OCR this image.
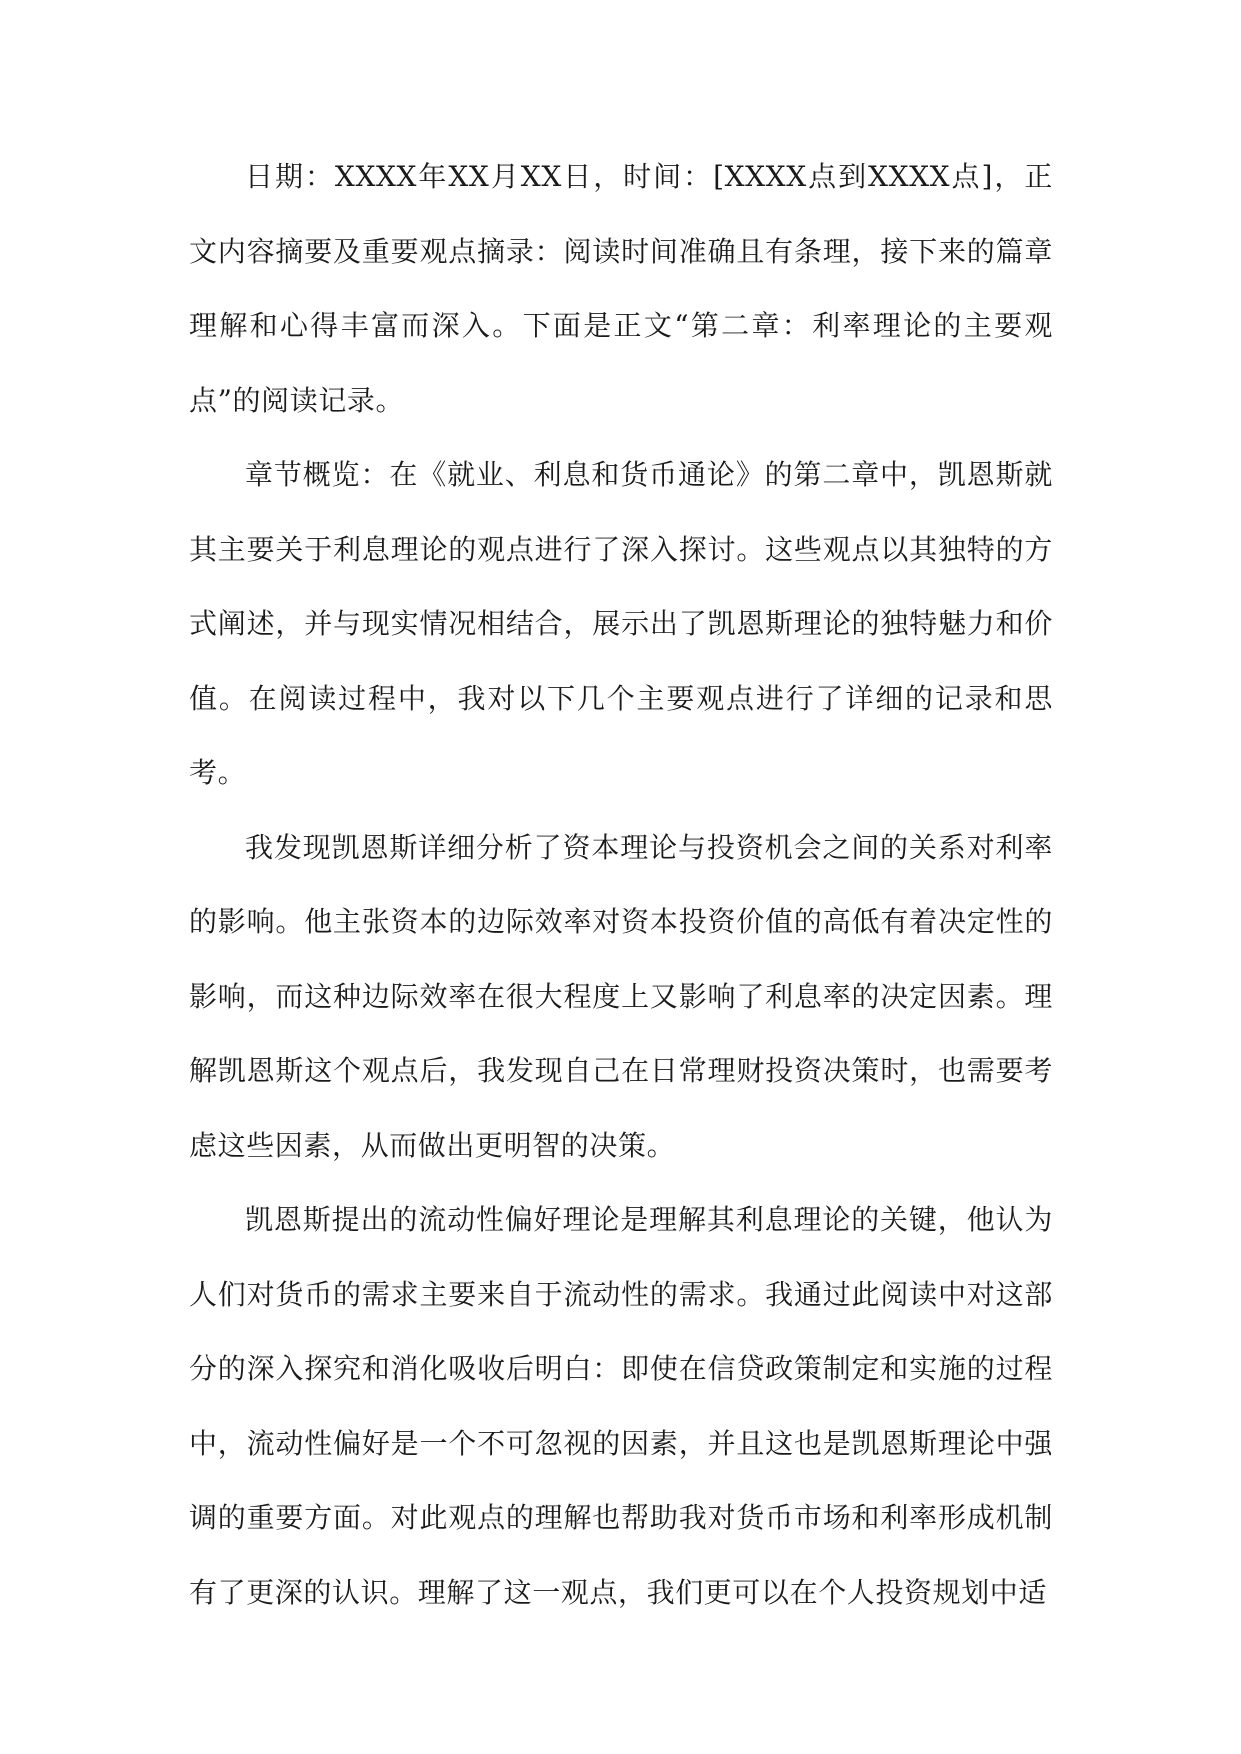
日期：XXXX年XX月XX日，时间：[XXXX点到XXXX点]，正文内容摘要及重要观点摘录：阅读时间准确且有条理，接下来的篇章理解和心得丰富而深入。下面是正文“第二章：利率理论的主要观点”的阅读记录。

章节概览：在《就业、利息和货币通论》的第二章中，凯恩斯就其主要关于利息理论的观点进行了深入探讨。这些观点以其独特的方式阐述，并与现实情况相结合，展示出了凯恩斯理论的独特魅力和价值。在阅读过程中，我对以下几个主要观点进行了详细的记录和思考。

我发现凯恩斯详细分析了资本理论与投资机会之间的关系对利率的影响。他主张资本的边际效率对资本投资价值的高低有着决定性的影响，而这种边际效率在很大程度上又影响了利息率的决定因素。理解凯恩斯这个观点后，我发现自己在日常理财投资决策时，也需要考虑这些因素，从而做出更明智的决策。

凯恩斯提出的流动性偏好理论是理解其利息理论的关键，他认为人们对货币的需求主要来自于流动性的需求。我通过此阅读中对这部分的深入探究和消化吸收后明白：即使在信贷政策制定和实施的过程中，流动性偏好是一个不可忽视的因素，并且这也是凯恩斯理论中强调的重要方面。对此观点的理解也帮助我对货币市场和利率形成机制有了更深的认识。理解了这一观点，我们更可以在个人投资规划中适
